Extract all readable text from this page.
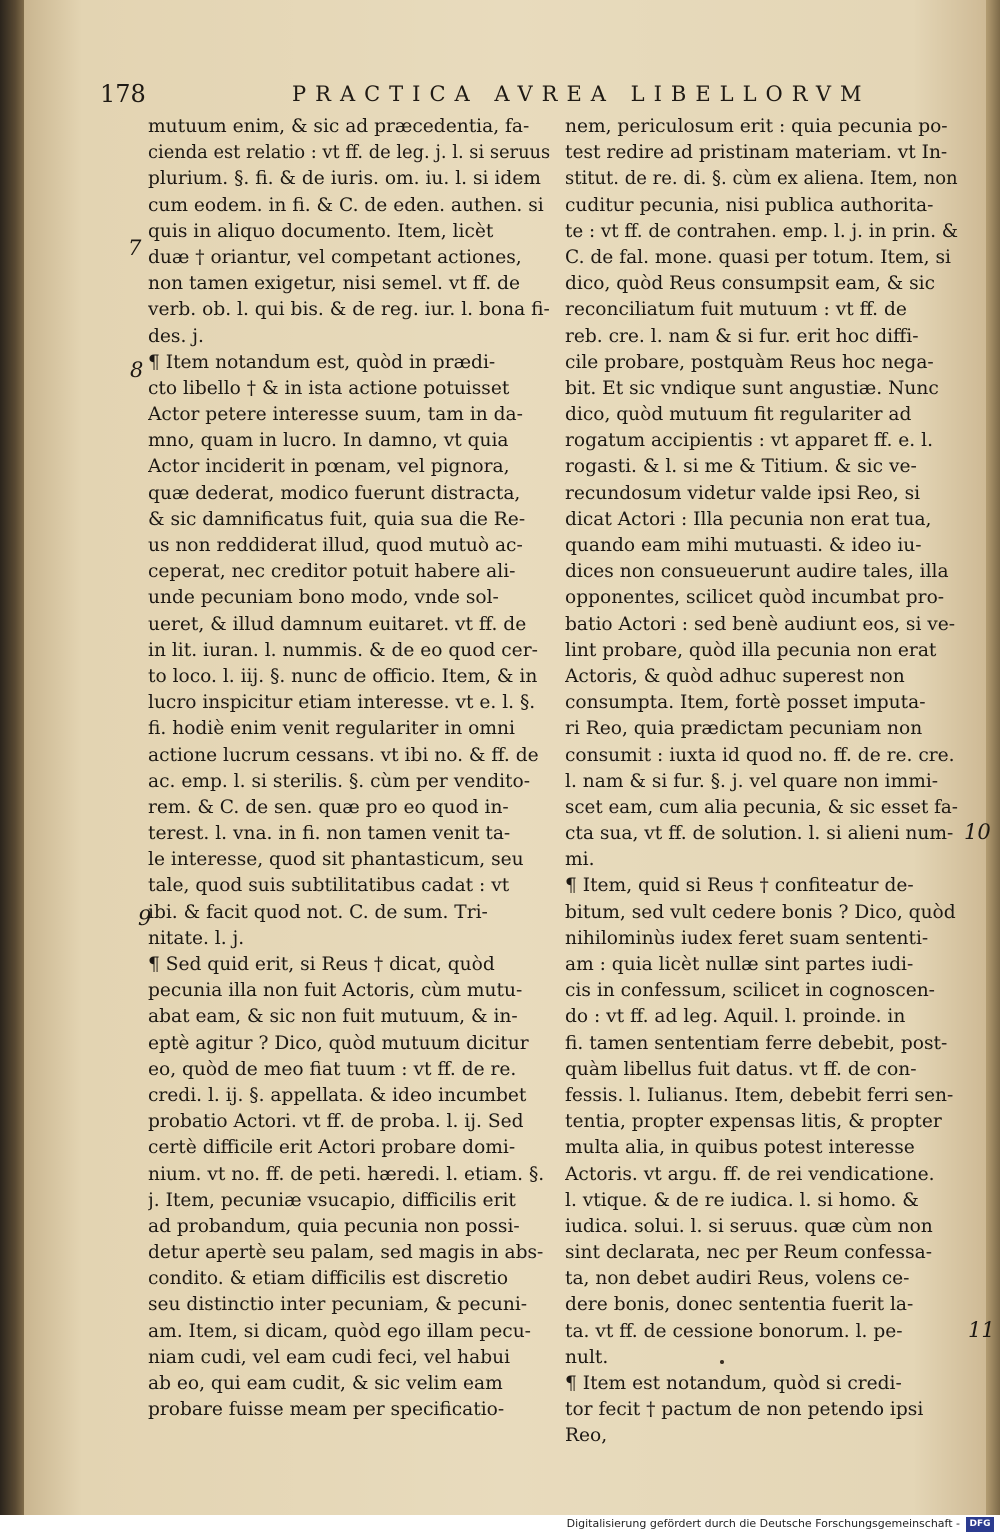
178	PRACTICA AVREA LIBELLORVM
mutuum enim, & sic ad præcedentia, fa-
cienda est relatio : vt ff. de leg. j. l. si seruus
plurium. §. fi. & de iuris. om. iu. l. si idem
cum eodem. in fi. & C. de eden. authen. si
quis in aliquo documento. Item, licèt
duæ † oriantur, vel competant actiones,
non tamen exigetur, nisi semel. vt ff. de
verb. ob. l. qui bis. & de reg. iur. l. bona fi-
des. j.
¶ Item notandum est, quòd in prædi-
cto libello † & in ista actione potuisset
Actor petere interesse suum, tam in da-
mno, quam in lucro. In damno, vt quia
Actor inciderit in pœnam, vel pignora,
quæ dederat, modico fuerunt distracta,
& sic damnificatus fuit, quia sua die Re-
us non reddiderat illud, quod mutuò ac-
ceperat, nec creditor potuit habere ali-
unde pecuniam bono modo, vnde sol-
ueret, & illud damnum euitaret. vt ff. de
in lit. iuran. l. nummis. & de eo quod cer-
to loco. l. iij. §. nunc de officio. Item, & in
lucro inspicitur etiam interesse. vt e. l. §.
fi. hodiè enim venit regulariter in omni
actione lucrum cessans. vt ibi no. & ff. de
ac. emp. l. si sterilis. §. cùm per vendito-
rem. & C. de sen. quæ pro eo quod in-
terest. l. vna. in fi. non tamen venit ta-
le interesse, quod sit phantasticum, seu
tale, quod suis subtilitatibus cadat : vt
ibi. & facit quod not. C. de sum. Tri-
nitate. l. j.
¶ Sed quid erit, si Reus † dicat, quòd
pecunia illa non fuit Actoris, cùm mutu-
abat eam, & sic non fuit mutuum, & in-
eptè agitur ? Dico, quòd mutuum dicitur
eo, quòd de meo fiat tuum : vt ff. de re.
credi. l. ij. §. appellata. & ideo incumbet
probatio Actori. vt ff. de proba. l. ij. Sed
certè difficile erit Actori probare domi-
nium. vt no. ff. de peti. hæredi. l. etiam. §.
j. Item, pecuniæ vsucapio, difficilis erit
ad probandum, quia pecunia non possi-
detur apertè seu palam, sed magis in abs-
condito. & etiam difficilis est discretio
seu distinctio inter pecuniam, & pecuni-
am. Item, si dicam, quòd ego illam pecu-
niam cudi, vel eam cudi feci, vel habui
ab eo, qui eam cudit, & sic velim eam
probare fuisse meam per specificatio-
nem, periculosum erit : quia pecunia po-
test redire ad pristinam materiam. vt In-
stitut. de re. di. §. cùm ex aliena. Item, non
cuditur pecunia, nisi publica authorita-
te : vt ff. de contrahen. emp. l. j. in prin. &
C. de fal. mone. quasi per totum. Item, si
dico, quòd Reus consumpsit eam, & sic
reconciliatum fuit mutuum : vt ff. de
reb. cre. l. nam & si fur. erit hoc diffi-
cile probare, postquàm Reus hoc nega-
bit. Et sic vndique sunt angustiæ. Nunc
dico, quòd mutuum fit regulariter ad
rogatum accipientis : vt apparet ff. e. l.
rogasti. & l. si me & Titium. & sic ve-
recundosum videtur valde ipsi Reo, si
dicat Actori : Illa pecunia non erat tua,
quando eam mihi mutuasti. & ideo iu-
dices non consueuerunt audire tales, illa
opponentes, scilicet quòd incumbat pro-
batio Actori : sed benè audiunt eos, si ve-
lint probare, quòd illa pecunia non erat
Actoris, & quòd adhuc superest non
consumpta. Item, fortè posset imputa-
ri Reo, quia prædictam pecuniam non
consumit : iuxta id quod no. ff. de re. cre.
l. nam & si fur. §. j. vel quare non immi-
scet eam, cum alia pecunia, & sic esset fa-
cta sua, vt ff. de solution. l. si alieni num-
mi.
¶ Item, quid si Reus † confiteatur de-
bitum, sed vult cedere bonis ? Dico, quòd
nihilominùs iudex feret suam sententi-
am : quia licèt nullæ sint partes iudi-
cis in confessum, scilicet in cognoscen-
do : vt ff. ad leg. Aquil. l. proinde. in
fi. tamen sententiam ferre debebit, post-
quàm libellus fuit datus. vt ff. de con-
fessis. l. Iulianus. Item, debebit ferri sen-
tentia, propter expensas litis, & propter
multa alia, in quibus potest interesse
Actoris. vt argu. ff. de rei vendicatione.
l. vtique. & de re iudica. l. si homo. &
iudica. solui. l. si seruus. quæ cùm non
sint declarata, nec per Reum confessa-
ta, non debet audiri Reus, volens ce-
dere bonis, donec sententia fuerit la-
ta. vt ff. de cessione bonorum. l. pe-
nult.
¶ Item est notandum, quòd si credi-
tor fecit † pactum de non petendo ipsi
Reo,
7
8
9
10
11
Digitalisierung gefördert durch die Deutsche Forschungsgemeinschaft -	DFG
